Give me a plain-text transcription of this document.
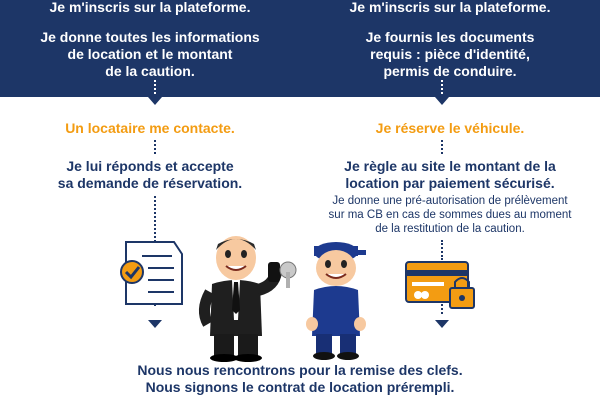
Je m'inscris sur la plateforme.
Je donne toutes les informations
de location et le montant
de la caution.
Un locataire me contacte.
Je lui réponds et accepte
sa demande de réservation.
Je m'inscris sur la plateforme.
Je fournis les documents
requis : pièce d'identité,
permis de conduire.
Je réserve le véhicule.
Je règle au site le montant de la
location par paiement sécurisé.
Je donne une pré-autorisation de prélèvement
sur ma CB en cas de sommes dues au moment
de la restitution de la caution.
Nous nous rencontrons pour la remise des clefs.
Nous signons le contrat de location prérempli.
